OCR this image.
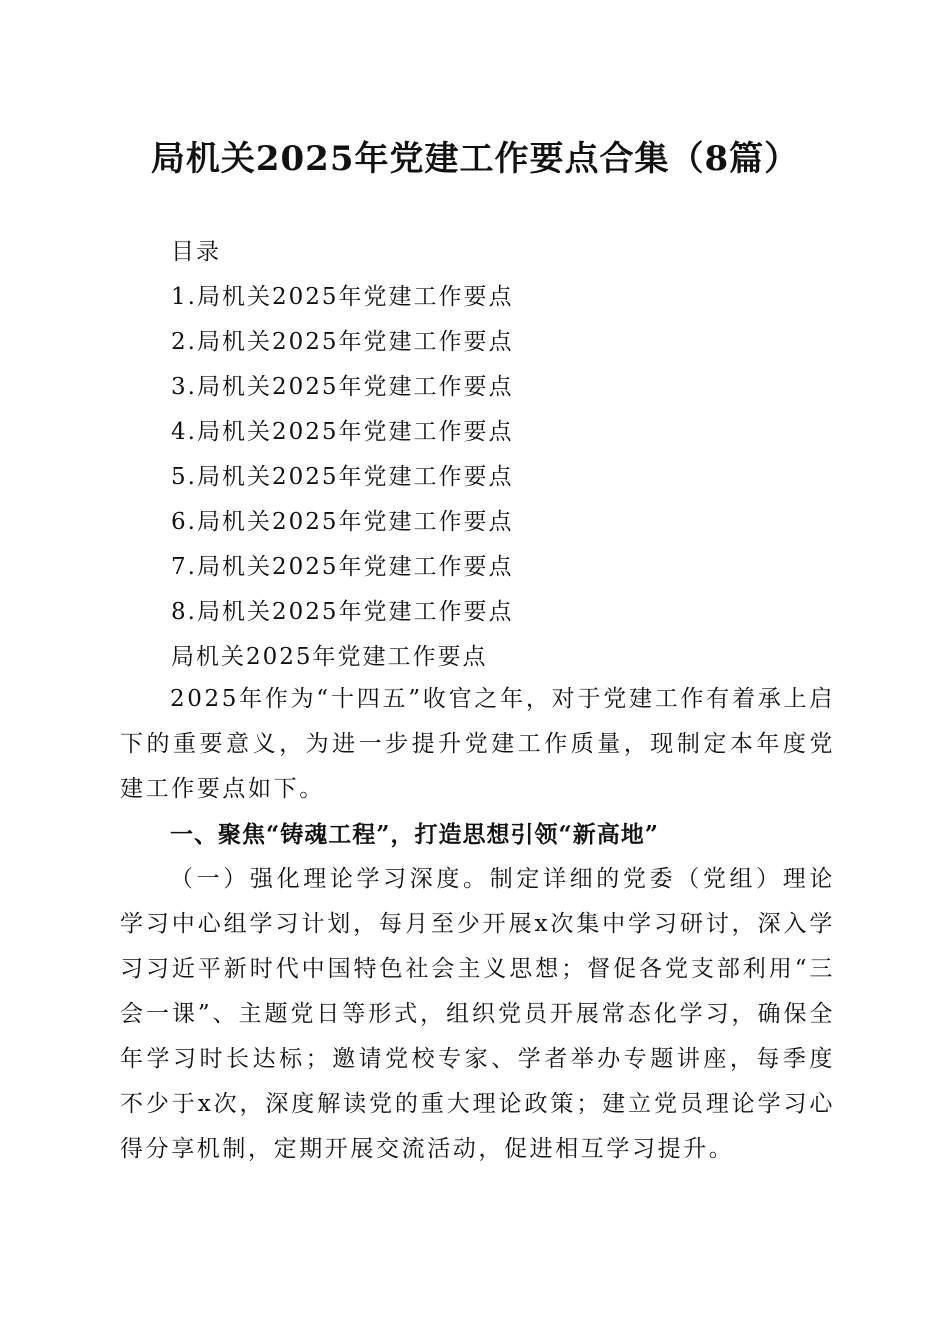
局机关2025年党建工作要点合集（8篇）
目录
1.局机关2025年党建工作要点
2.局机关2025年党建工作要点
3.局机关2025年党建工作要点
4.局机关2025年党建工作要点
5.局机关2025年党建工作要点
6.局机关2025年党建工作要点
7.局机关2025年党建工作要点
8.局机关2025年党建工作要点
局机关2025年党建工作要点

2025年作为“十四五”收官之年，对于党建工作有着承上启下的重要意义，为进一步提升党建工作质量，现制定本年度党建工作要点如下。

一、聚焦“铸魂工程”，打造思想引领“新高地”

（一）强化理论学习深度。制定详细的党委（党组）理论学习中心组学习计划，每月至少开展x次集中学习研讨，深入学习习近平新时代中国特色社会主义思想；督促各党支部利用“三会一课”、主题党日等形式，组织党员开展常态化学习，确保全年学习时长达标；邀请党校专家、学者举办专题讲座，每季度不少于x次，深度解读党的重大理论政策；建立党员理论学习心得分享机制，定期开展交流活动，促进相互学习提升。
